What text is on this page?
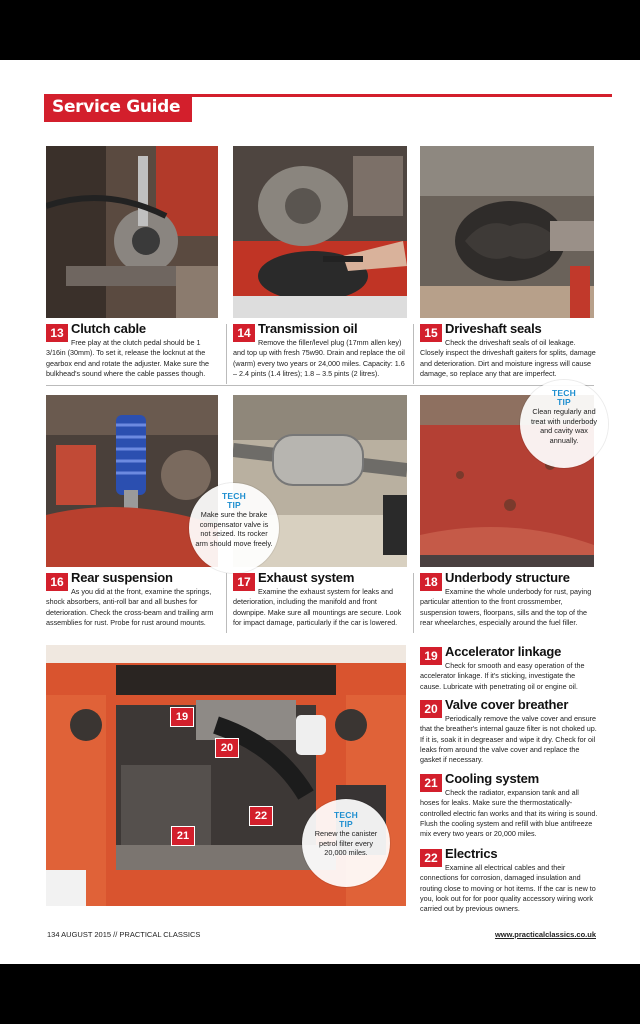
Service Guide
13 Clutch cable
Free play at the clutch pedal should be 1 3/16in (30mm). To set it, release the locknut at the gearbox end and rotate the adjuster. Make sure the bulkhead's sound where the cable passes though.
14 Transmission oil
Remove the filler/level plug (17mm allen key) and top up with fresh 75w90. Drain and replace the oil (warm) every two years or 24,000 miles. Capacity: 1.6 – 2.4 pints (1.4 litres); 1.8 – 3.5 pints (2 litres).
15 Driveshaft seals
Check the driveshaft seals of oil leakage. Closely inspect the driveshaft gaiters for splits, damage and deterioration. Dirt and moisture ingress will cause damage, so replace any that are imperfect.
TECH
TIP
Make sure the brake compensator valve is not seized. Its rocker arm should move freely.
TECH
TIP
Clean regularly and treat with underbody and cavity wax annually.
16 Rear suspension
As you did at the front, examine the springs, shock absorbers, anti-roll bar and all bushes for deterioration. Check the cross-beam and trailing arm assemblies for rust. Probe for rust around mounts.
17 Exhaust system
Examine the exhaust system for leaks and deterioration, including the manifold and front downpipe. Make sure all mountings are secure. Look for impact damage, particularly if the car is lowered.
18 Underbody structure
Examine the whole underbody for rust, paying particular attention to the front crossmember, suspension towers, floorpans, sills and the top of the rear wheelarches, especially around the fuel filler.
19
20
22
21
TECH
TIP
Renew the canister petrol filter every 20,000 miles.
19 Accelerator linkage
Check for smooth and easy operation of the accelerator linkage. If it's sticking, investigate the cause. Lubricate with penetrating oil or engine oil.
20 Valve cover breather
Periodically remove the valve cover and ensure that the breather's internal gauze filter is not choked up. If it is, soak it in degreaser and wipe it dry. Check for oil leaks from around the valve cover and replace the gasket if necessary.
21 Cooling system
Check the radiator, expansion tank and all hoses for leaks. Make sure the thermostatically-controlled electric fan works and that its wiring is sound. Flush the cooling system and refill with blue antifreeze mix every two years or 20,000 miles.
22 Electrics
Examine all electrical cables and their connections for corrosion, damaged insulation and routing close to moving or hot items. If the car is new to you, look out for for poor quality accessory wiring work carried out by previous owners.
134 AUGUST 2015 // PRACTICAL CLASSICS	www.practicalclassics.co.uk
